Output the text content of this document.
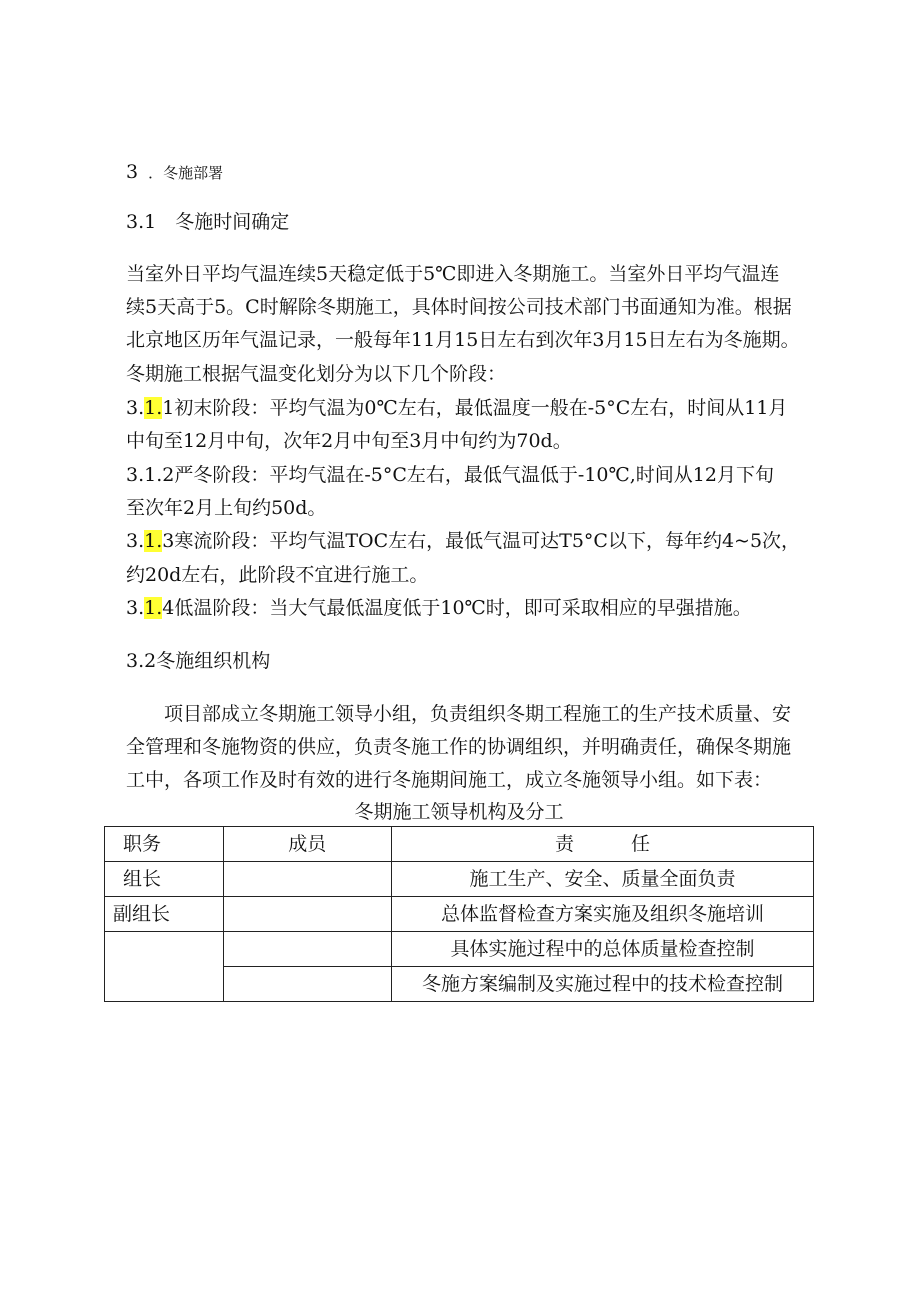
3 ．冬施部署
3.1　冬施时间确定
当室外日平均气温连续5天稳定低于5℃即进入冬期施工。当室外日平均气温连
续5天高于5。C时解除冬期施工，具体时间按公司技术部门书面通知为准。根据
北京地区历年气温记录，一般每年11月15日左右到次年3月15日左右为冬施期。
冬期施工根据气温变化划分为以下几个阶段：
3.1.1初末阶段：平均气温为0℃左右，最低温度一般在-5°C左右，时间从11月
中旬至12月中旬，次年2月中旬至3月中旬约为70d。
3.1.2严冬阶段：平均气温在-5°C左右，最低气温低于-10℃,时间从12月下旬
至次年2月上旬约50d。
3.1.3寒流阶段：平均气温TOC左右，最低气温可达T5°C以下，每年约4~5次，
约20d左右，此阶段不宜进行施工。
3.1.4低温阶段：当大气最低温度低于10℃时，即可采取相应的早强措施。
3.2冬施组织机构
项目部成立冬期施工领导小组，负责组织冬期工程施工的生产技术质量、安
全管理和冬施物资的供应，负责冬施工作的协调组织，并明确责任，确保冬期施
工中，各项工作及时有效的进行冬施期间施工，成立冬施领导小组。如下表：
冬期施工领导机构及分工
职务	成员	责　　　任
组长		施工生产、安全、质量全面负责
副组长		总体监督检查方案实施及组织冬施培训
		具体实施过程中的总体质量检查控制
		冬施方案编制及实施过程中的技术检查控制
